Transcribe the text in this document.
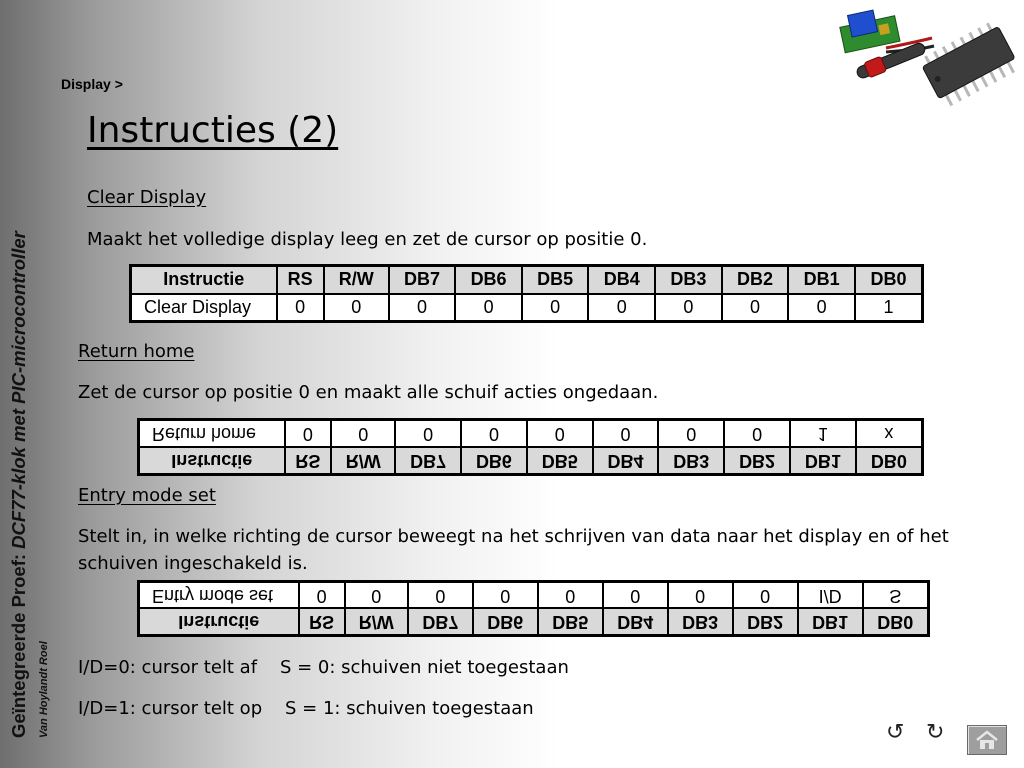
Geïntegreerde Proef: DCF77-klok met PIC-microcontroller
Van Hoylandt Roel
Display >
Instructies (2)
Clear Display
Maakt het volledige display leeg en zet de cursor op positie 0.
Instructie	RS	R/W	DB7	DB6	DB5	DB4	DB3	DB2	DB1	DB0
Clear Display	0	0	0	0	0	0	0	0	0	1
Return home
Zet de cursor op positie 0 en maakt alle schuif acties ongedaan.
Instructie	RS	R/W	DB7	DB6	DB5	DB4	DB3	DB2	DB1	DB0
Return home	0	0	0	0	0	0	0	0	1	x
Entry mode set
Stelt in, in welke richting de cursor beweegt na het schrijven van data naar het display en of het schuiven ingeschakeld is.
Instructie	RS	R/W	DB7	DB6	DB5	DB4	DB3	DB2	DB1	DB0
Entry mode set	0	0	0	0	0	0	0	0	I/D	S
I/D=0: cursor telt af    S = 0: schuiven niet toegestaan
I/D=1: cursor telt op    S = 1: schuiven toegestaan
↺ ↻
